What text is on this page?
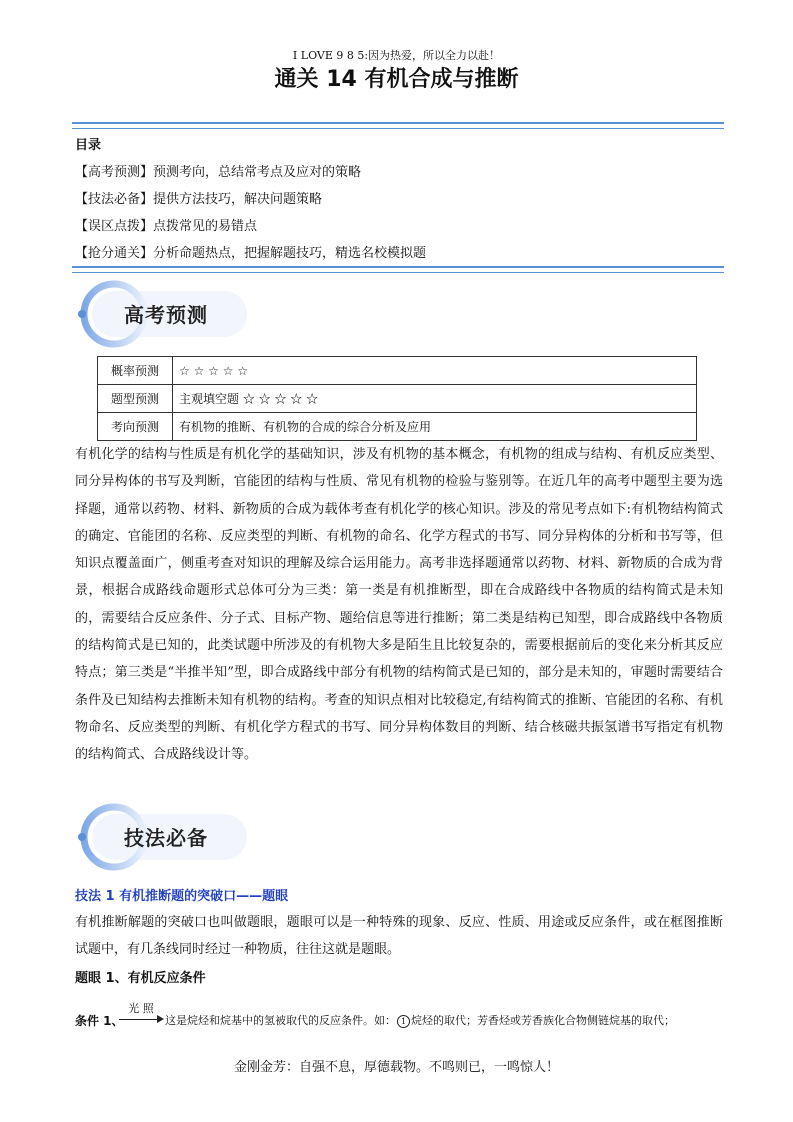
I LOVE 9 8 5:因为热爱，所以全力以赴！
通关 14 有机合成与推断
目录
【高考预测】预测考向，总结常考点及应对的策略
【技法必备】提供方法技巧，解决问题策略
【误区点拨】点拨常见的易错点
【抢分通关】分析命题热点，把握解题技巧，精选名校模拟题
高考预测
概率预测	☆ ☆ ☆ ☆ ☆
题型预测	主观填空题 ☆ ☆ ☆ ☆ ☆
考向预测	有机物的推断、有机物的合成的综合分析及应用
有机化学的结构与性质是有机化学的基础知识，涉及有机物的基本概念，有机物的组成与结构、有机反应类型、同分异构体的书写及判断，官能团的结构与性质、常见有机物的检验与鉴别等。在近几年的高考中题型主要为选择题，通常以药物、材料、新物质的合成为载体考查有机化学的核心知识。涉及的常见考点如下:有机物结构简式的确定、官能团的名称、反应类型的判断、有机物的命名、化学方程式的书写、同分异构体的分析和书写等，但知识点覆盖面广，侧重考查对知识的理解及综合运用能力。高考非选择题通常以药物、材料、新物质的合成为背景，根据合成路线命题形式总体可分为三类：第一类是有机推断型，即在合成路线中各物质的结构简式是未知的，需要结合反应条件、分子式、目标产物、题给信息等进行推断；第二类是结构已知型，即合成路线中各物质的结构简式是已知的，此类试题中所涉及的有机物大多是陌生且比较复杂的，需要根据前后的变化来分析其反应特点；第三类是“半推半知”型，即合成路线中部分有机物的结构简式是已知的，部分是未知的，审题时需要结合条件及已知结构去推断未知有机物的结构。考查的知识点相对比较稳定,有结构简式的推断、官能团的名称、有机物命名、反应类型的判断、有机化学方程式的书写、同分异构体数目的判断、结合核磁共振氢谱书写指定有机物的结构简式、合成路线设计等。
技法必备
技法 1 有机推断题的突破口——题眼
有机推断解题的突破口也叫做题眼，题眼可以是一种特殊的现象、反应、性质、用途或反应条件，或在框图推断试题中，有几条线同时经过一种物质，往往这就是题眼。
题眼 1、有机反应条件
条件 1、
光 照
这是烷烃和烷基中的氢被取代的反应条件。如： 1 烷烃的取代；芳香烃或芳香族化合物侧链烷基的取代；
金刚金芳：自强不息，厚德载物。不鸣则已，一鸣惊人！
